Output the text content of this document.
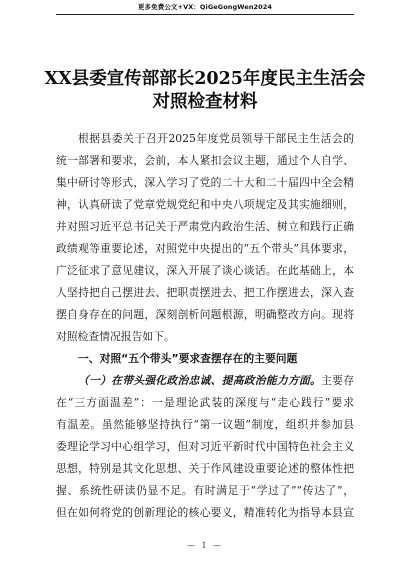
更多免费公文+VX：QiGeGongWen2024
XX县委宣传部部长2025年度民主生活会
对照检查材料
根据县委关于召开2025年度党员领导干部民主生活会的
统一部署和要求，会前，本人紧扣会议主题，通过个人自学、
集中研讨等形式，深入学习了党的二十大和二十届四中全会精
神，认真研读了党章党规党纪和中央八项规定及其实施细则，
并对照习近平总书记关于严肃党内政治生活、树立和践行正确
政绩观等重要论述，对照党中央提出的“五个带头”具体要求，
广泛征求了意见建议，深入开展了谈心谈话。在此基础上，本
人坚持把自己摆进去、把职责摆进去、把工作摆进去，深入查
摆自身存在的问题，深刻剖析问题根源，明确整改方向。现将
对照检查情况报告如下。
一、对照“五个带头”要求查摆存在的主要问题
（一）在带头强化政治忠诚、提高政治能力方面。主要存
在“三方面温差”：一是理论武装的深度与“走心践行”要求
有温差。虽然能够坚持执行“第一议题”制度，组织并参加县
委理论学习中心组学习，但对习近平新时代中国特色社会主义
思想，特别是其文化思想、关于作风建设重要论述的整体性把
握、系统性研读仍显不足。有时满足于“学过了”“传达了”，
但在如何将党的创新理论的核心要义，精准转化为指导本县宣
— 1 —
